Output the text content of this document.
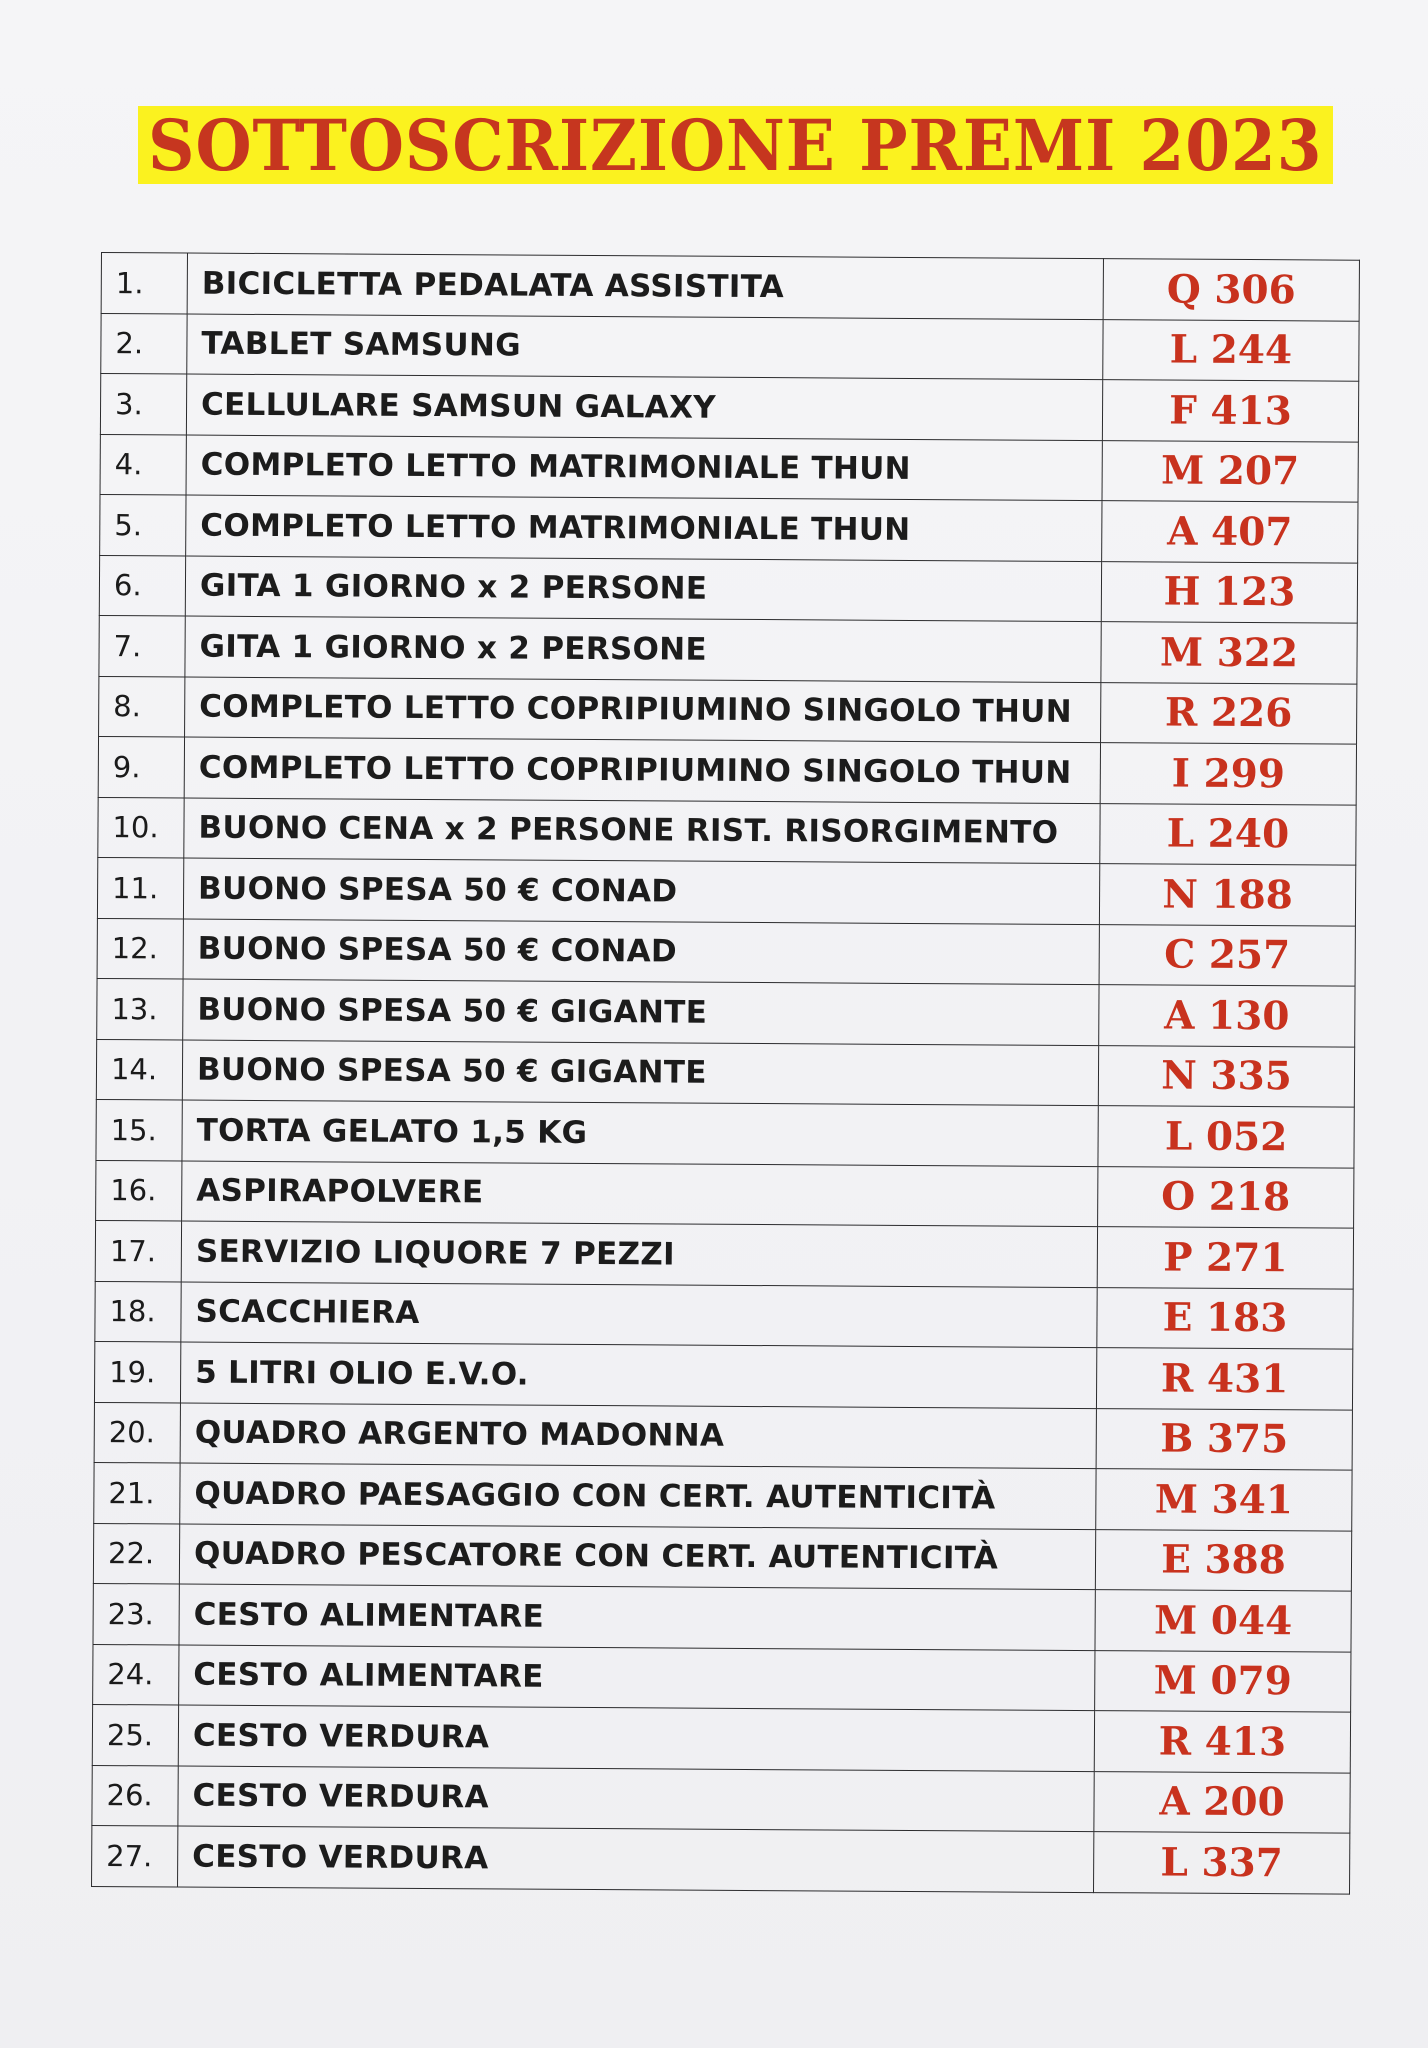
SOTTOSCRIZIONE PREMI 2023
1.	BICICLETTA PEDALATA ASSISTITA	Q 306
2.	TABLET SAMSUNG	L 244
3.	CELLULARE SAMSUN GALAXY	F 413
4.	COMPLETO LETTO MATRIMONIALE THUN	M 207
5.	COMPLETO LETTO MATRIMONIALE THUN	A 407
6.	GITA 1 GIORNO x 2 PERSONE	H 123
7.	GITA 1 GIORNO x 2 PERSONE	M 322
8.	COMPLETO LETTO COPRIPIUMINO SINGOLO THUN	R 226
9.	COMPLETO LETTO COPRIPIUMINO SINGOLO THUN	I 299
10.	BUONO CENA x 2 PERSONE RIST. RISORGIMENTO	L 240
11.	BUONO SPESA 50 € CONAD	N 188
12.	BUONO SPESA 50 € CONAD	C 257
13.	BUONO SPESA 50 € GIGANTE	A 130
14.	BUONO SPESA 50 € GIGANTE	N 335
15.	TORTA GELATO 1,5 KG	L 052
16.	ASPIRAPOLVERE	O 218
17.	SERVIZIO LIQUORE 7 PEZZI	P 271
18.	SCACCHIERA	E 183
19.	5 LITRI OLIO E.V.O.	R 431
20.	QUADRO ARGENTO MADONNA	B 375
21.	QUADRO PAESAGGIO CON CERT. AUTENTICITÀ	M 341
22.	QUADRO PESCATORE CON CERT. AUTENTICITÀ	E 388
23.	CESTO ALIMENTARE	M 044
24.	CESTO ALIMENTARE	M 079
25.	CESTO VERDURA	R 413
26.	CESTO VERDURA	A 200
27.	CESTO VERDURA	L 337
